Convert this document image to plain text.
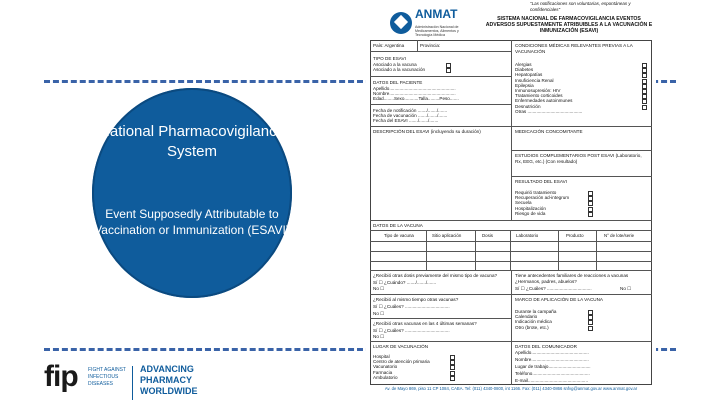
National Pharmacovigilance System
Event Supposedly Attributable to Vaccination or Immunization (ESAVI)
fip FIGHT AGAINST INFECTIOUS DISEASES
ADVANCING
PHARMACY
WORLDWIDE
"Las notificaciones son voluntarias, espontáneas y confidenciales"
ANMAT
Administración Nacional de Medicamentos, Alimentos y Tecnología Médica
SISTEMA NACIONAL DE FARMACOVIGILANCIA EVENTOS ADVERSOS SUPUESTAMENTE ATRIBUIBLES A LA VACUNACIÓN E INMUNIZACIÓN (ESAVI)
País: Argentina	Provincia:	CONDICIONES MÉDICAS RELEVANTES PREVIAS A LA VACUNACIÓN
Alergias
Diabetes
Hepatopatías
Insuficiencia Renal
Epilepsia
Inmunosupresión: HIV
Tratamiento corticoides
Enfermedades autoinmunes
Desnutrición
Otras ...........................................
TIPO DE ESAVI
Asociado a la vacuna
Asociado a la vacunación
DATOS DEL PACIENTE
Apellido....................................................
Nombre....................................................
Edad........Sexo...........Talla.........Peso.......
Fecha de notificación ......./......./.......
Fecha de vacunación ......./......./.......
Fecha del ESAVI ......./......./.......
DESCRIPCIÓN DEL ESAVI (incluyendo su duración)	MEDICACIÓN CONCOMITANTE
ESTUDIOS COMPLEMENTARIOS POST ESAVI (Laboratorio, Rx, EEG, etc.) (Con resultado)
RESULTADO DEL ESAVI
Requirió tratamiento
Recuperación ad-integrum
Secuela
Hospitalización
Riesgo de vida
DATOS DE LA VACUNA
Tipo de vacuna	Sitio aplicación	Dosis	Laboratorio	Producto	N° de lote/serie
¿Recibió otras dosis previamente del mismo tipo de vacuna?
Sí ☐ ¿Cuándo? ......./......./.......
No ☐
Tiene antecedentes familiares de reacciones a vacunas ¿Hermanos, padres, abuelos?
Sí ☐ ¿Cuáles? ...................................	No ☐
¿Recibió al mismo tiempo otras vacunas?
Sí ☐ ¿Cuáles? ...................................
No ☐
MARCO DE APLICACIÓN DE LA VACUNA
Durante la campaña
Calendario
Indicación médica
Otro (brote, etc.)
¿Recibió otras vacunas en las 4 últimas semanas?
Sí ☐ ¿Cuáles? ...................................
No ☐
LUGAR DE VACUNACIÓN
Hospital
Centro de atención primaria
Vacunatorio
Farmacia
Ambulatorio
DATOS DEL COMUNICADOR
Apellido.............................................
Nombre.............................................
Lugar de trabajo.................................
Teléfono.............................................
E-mail...............................................
Av. de Mayo 869, piso 11 CP 1084, CABA. Tel: (011) 4340-0800, int 1166. Fax: (011) 4340-0866 snfvg@anmat.gov.ar www.anmat.gov.ar
